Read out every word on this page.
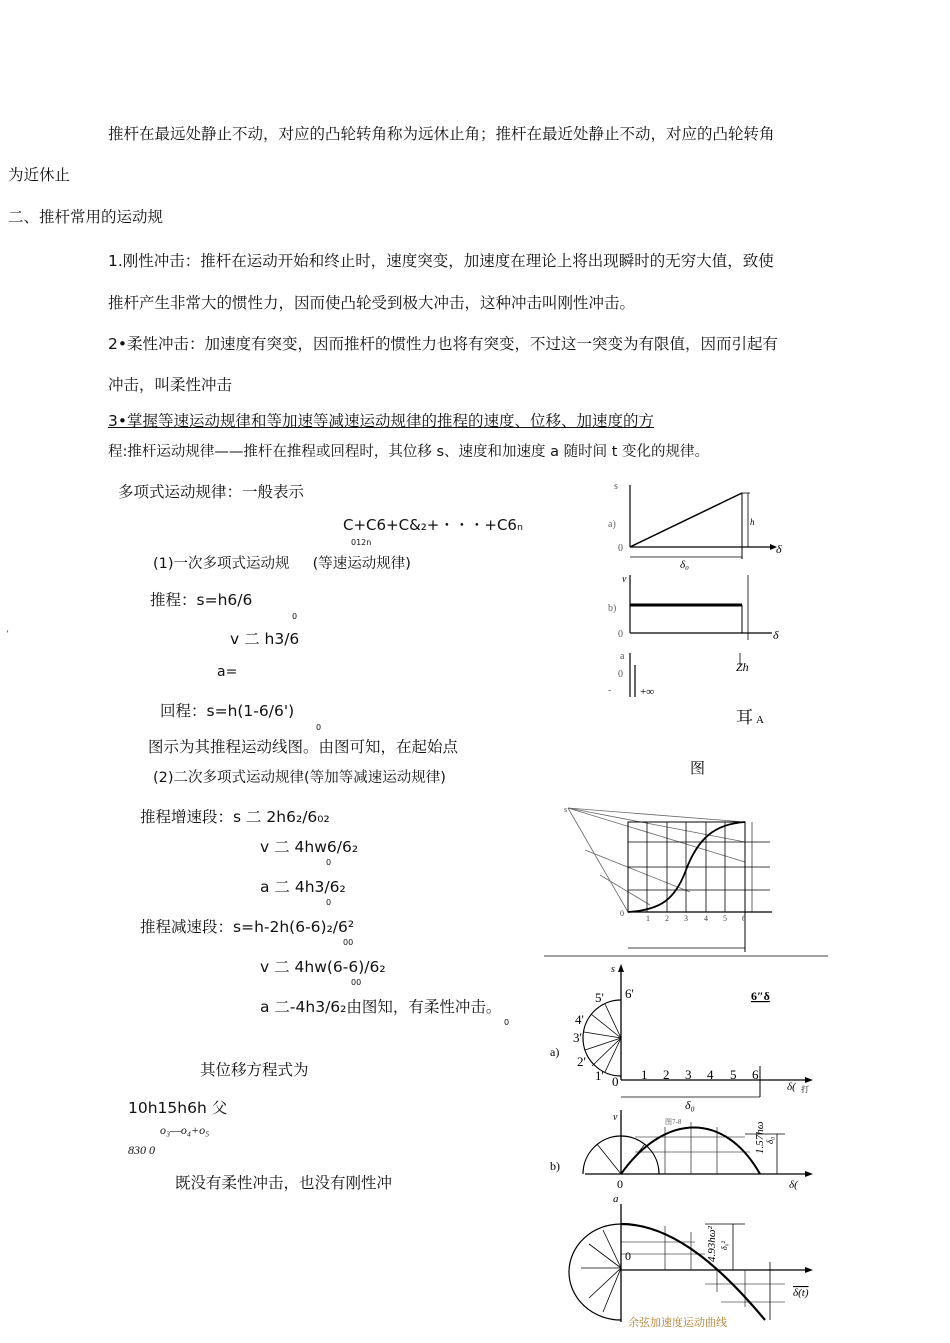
推杆在最远处静止不动，对应的凸轮转角称为远休止角；推杆在最近处静止不动，对应的凸轮转角
为近休止
二、推杆常用的运动规
1.刚性冲击：推杆在运动开始和终止时，速度突变，加速度在理论上将出现瞬时的无穷大值，致使
推杆产生非常大的惯性力，因而使凸轮受到极大冲击，这种冲击叫刚性冲击。
2•柔性冲击：加速度有突变，因而推杆的惯性力也将有突变，不过这一突变为有限值，因而引起有
冲击，叫柔性冲击
3•掌握等速运动规律和等加速等减速运动规律的推程的速度、位移、加速度的方
程:推杆运动规律——推杆在推程或回程时，其位移 s、速度和加速度 a 随时间 t 变化的规律。
多项式运动规律：一般表示
C+C6+C&₂+・・・+C6ₙ
012n
(1)一次多项式运动规 (等速运动规律)
推程：s=h6/6
0
v 二 h3/6
a=
回程：s=h(1-6/6')
0
图示为其推程运动线图。由图可知，在起始点
(2)二次多项式运动规律(等加等减速运动规律)
推程增速段：s 二 2h6₂/6₀₂
v 二 4hw6/6₂
0
a 二 4h3/6₂
0
推程减速段：s=h-2h(6-6)₂/6²
00
v 二 4hw(6-6)/6₂
00
a 二-4h3/6₂由图知，有柔性冲击。
0
其位移方程式为
10h15h6h 父
o₃—o₄+o₅
830 0
既没有柔性冲击，也没有刚性冲
‘
s
a)
0	δ
δ₀
h
v
b)
0	δ
a
0
-	+∞
Zh
耳 A
图
1 2 3 4 5 6
0
s
s
6'
5'
4'
3'
2'
1'
a)
0 1 2 3 4 5 6
δ( 打
δ₀
图7-8
6″δ
v
b)
0
1.57hω δ₀
δ(
a
0	4.93hω² δ₀²
δ(t)
余弦加速度运动曲线
